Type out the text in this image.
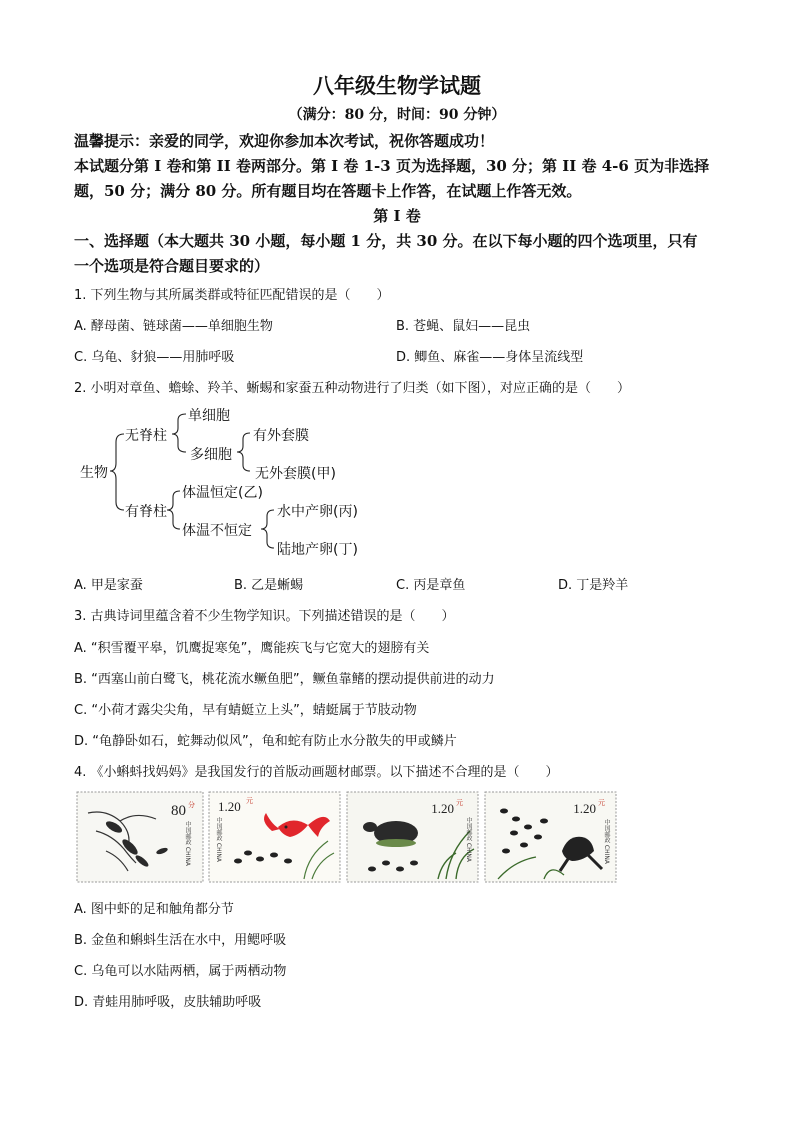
八年级生物学试题
（满分：80 分，时间：90 分钟）
温馨提示：亲爱的同学，欢迎你参加本次考试，祝你答题成功！
本试题分第 I 卷和第 II 卷两部分。第 I 卷 1-3 页为选择题，30 分；第 II 卷 4-6 页为非选择
题，50 分；满分 80 分。所有题目均在答题卡上作答，在试题上作答无效。
第 I 卷
一、选择题（本大题共 30 小题，每小题 1 分，共 30 分。在以下每小题的四个选项里，只有
一个选项是符合题目要求的）
1. 下列生物与其所属类群或特征匹配错误的是（　　）
A. 酵母菌、链球菌——单细胞生物	B. 苍蝇、鼠妇——昆虫
C. 乌龟、豺狼——用肺呼吸	D. 鲫鱼、麻雀——身体呈流线型
2. 小明对章鱼、蟾蜍、羚羊、蜥蜴和家蚕五种动物进行了归类（如下图），对应正确的是（　　）
生物
无脊柱
单细胞
多细胞
有外套膜
无外套膜(甲)
有脊柱
体温恒定(乙)
体温不恒定
水中产卵(丙)
陆地产卵(丁)
A. 甲是家蚕	B. 乙是蜥蜴	C. 丙是章鱼	D. 丁是羚羊
3. 古典诗词里蕴含着不少生物学知识。下列描述错误的是（　　）
A. “积雪覆平皋，饥鹰捉寒兔”，鹰能疾飞与它宽大的翅膀有关
B. “西塞山前白鹭飞，桃花流水鳜鱼肥”，鳜鱼靠鳍的摆动提供前进的动力
C. “小荷才露尖尖角，早有蜻蜓立上头”，蜻蜓属于节肢动物
D. “龟静卧如石，蛇舞动似风”，龟和蛇有防止水分散失的甲或鳞片
4. 《小蝌蚪找妈妈》是我国发行的首版动画题材邮票。以下描述不合理的是（　　）
80 分
中国邮政 CHINA
1.20 元
中国邮政 CHINA
1.20 元
中国邮政 CHINA
1.20 元
中国邮政 CHINA
A. 图中虾的足和触角都分节
B. 金鱼和蝌蚪生活在水中，用鳃呼吸
C. 乌龟可以水陆两栖，属于两栖动物
D. 青蛙用肺呼吸，皮肤辅助呼吸
